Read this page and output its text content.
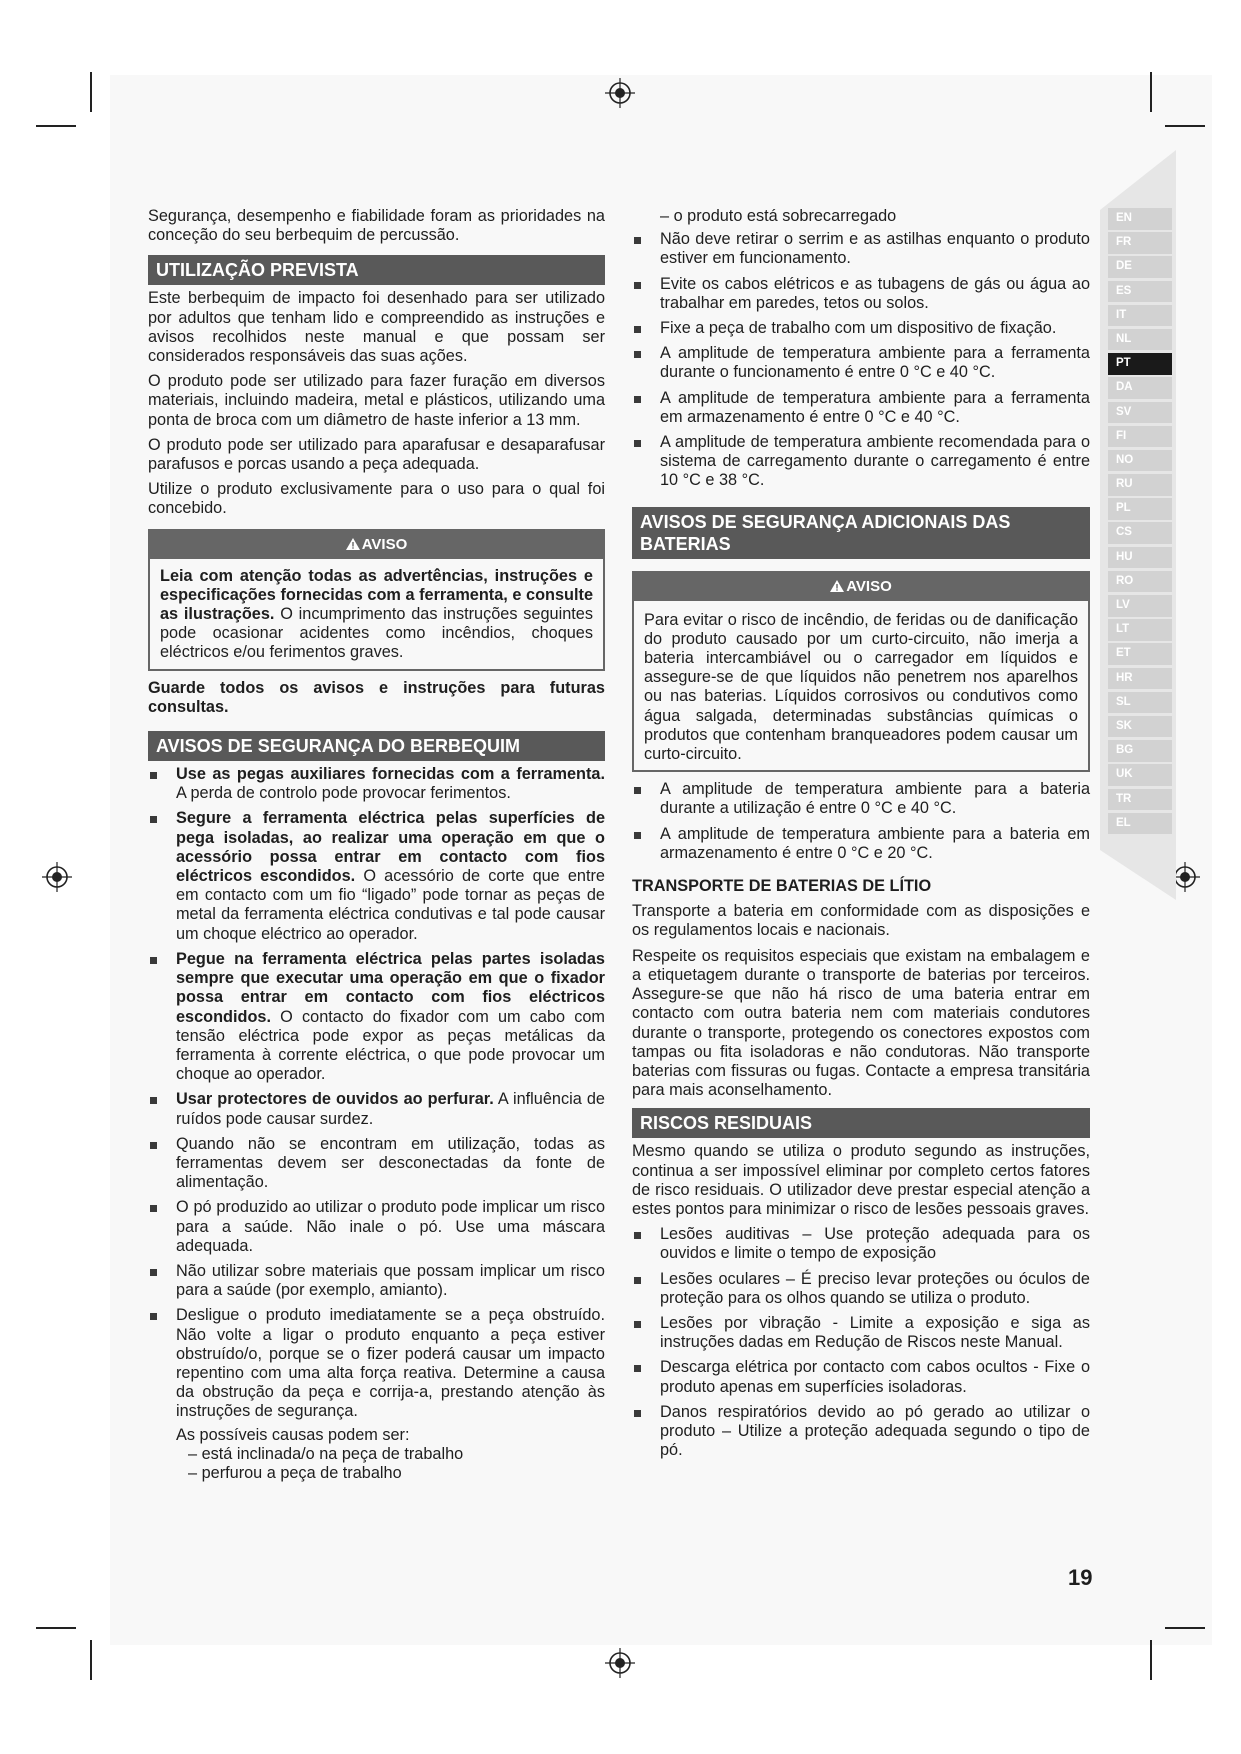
Segurança, desempenho e fiabilidade foram as prioridades na conceção do seu berbequim de percussão.

UTILIZAÇÃO PREVISTA

Este berbequim de impacto foi desenhado para ser utilizado por adultos que tenham lido e compreendido as instruções e avisos recolhidos neste manual e que possam ser considerados responsáveis das suas ações.

O produto pode ser utilizado para fazer furação em diversos materiais, incluindo madeira, metal e plásticos, utilizando uma ponta de broca com um diâmetro de haste inferior a 13 mm.

O produto pode ser utilizado para aparafusar e desaparafusar parafusos e porcas usando a peça adequada.

Utilize o produto exclusivamente para o uso para o qual foi concebido.

AVISO
Leia com atenção todas as advertências, instruções e especificações fornecidas com a ferramenta, e consulte as ilustrações. O incumprimento das instruções seguintes pode ocasionar acidentes como incêndios, choques eléctricos e/ou ferimentos graves.

Guarde todos os avisos e instruções para futuras consultas.

AVISOS DE SEGURANÇA DO BERBEQUIM
Use as pegas auxiliares fornecidas com a ferramenta. A perda de controlo pode provocar ferimentos.
Segure a ferramenta eléctrica pelas superfícies de pega isoladas, ao realizar uma operação em que o acessório possa entrar em contacto com fios eléctricos escondidos. O acessório de corte que entre em contacto com um fio “ligado” pode tornar as peças de metal da ferramenta eléctrica condutivas e tal pode causar um choque eléctrico ao operador.
Pegue na ferramenta eléctrica pelas partes isoladas sempre que executar uma operação em que o fixador possa entrar em contacto com fios eléctricos escondidos. O contacto do fixador com um cabo com tensão eléctrica pode expor as peças metálicas da ferramenta à corrente eléctrica, o que pode provocar um choque ao operador.
Usar protectores de ouvidos ao perfurar. A influência de ruídos pode causar surdez.
Quando não se encontram em utilização, todas as ferramentas devem ser desconectadas da fonte de alimentação.
O pó produzido ao utilizar o produto pode implicar um risco para a saúde. Não inale o pó. Use uma máscara adequada.
Não utilizar sobre materiais que possam implicar um risco para a saúde (por exemplo, amianto).
Desligue o produto imediatamente se a peça obstruído. Não volte a ligar o produto enquanto a peça estiver obstruído/o, porque se o fizer poderá causar um impacto repentino com uma alta força reativa. Determine a causa da obstrução da peça e corrija-a, prestando atenção às instruções de segurança.
As possíveis causas podem ser:
– está inclinada/o na peça de trabalho
– perfurou a peça de trabalho
– o produto está sobrecarregado
Não deve retirar o serrim e as astilhas enquanto o produto estiver em funcionamento.
Evite os cabos elétricos e as tubagens de gás ou água ao trabalhar em paredes, tetos ou solos.
Fixe a peça de trabalho com um dispositivo de fixação.
A amplitude de temperatura ambiente para a ferramenta durante o funcionamento é entre 0 °C e 40 °C.
A amplitude de temperatura ambiente para a ferramenta em armazenamento é entre 0 °C e 40 °C.
A amplitude de temperatura ambiente recomendada para o sistema de carregamento durante o carregamento é entre 10 °C e 38 °C.
AVISOS DE SEGURANÇA ADICIONAIS DAS BATERIAS
AVISO
Para evitar o risco de incêndio, de feridas ou de danificação do produto causado por um curto-circuito, não imerja a bateria intercambiável ou o carregador em líquidos e assegure-se de que líquidos não penetrem nos aparelhos ou nas baterias. Líquidos corrosivos ou condutivos como água salgada, determinadas substâncias químicas o produtos que contenham branqueadores podem causar um curto-circuito.
A amplitude de temperatura ambiente para a bateria durante a utilização é entre 0 °C e 40 °C.
A amplitude de temperatura ambiente para a bateria em armazenamento é entre 0 °C e 20 °C.
TRANSPORTE DE BATERIAS DE LÍTIO

Transporte a bateria em conformidade com as disposições e os regulamentos locais e nacionais.

Respeite os requisitos especiais que existam na embalagem e a etiquetagem durante o transporte de baterias por terceiros. Assegure-se que não há risco de uma bateria entrar em contacto com outra bateria nem com materiais condutores durante o transporte, protegendo os conectores expostos com tampas ou fita isoladoras e não condutoras. Não transporte baterias com fissuras ou fugas. Contacte a empresa transitária para mais aconselhamento.

RISCOS RESIDUAIS

Mesmo quando se utiliza o produto segundo as instruções, continua a ser impossível eliminar por completo certos fatores de risco residuais. O utilizador deve prestar especial atenção a estes pontos para minimizar o risco de lesões pessoais graves.

Lesões auditivas – Use proteção adequada para os ouvidos e limite o tempo de exposição
Lesões oculares – É preciso levar proteções ou óculos de proteção para os olhos quando se utiliza o produto.
Lesões por vibração - Limite a exposição e siga as instruções dadas em Redução de Riscos neste Manual.
Descarga elétrica por contacto com cabos ocultos - Fixe o produto apenas em superfícies isoladoras.
Danos respiratórios devido ao pó gerado ao utilizar o produto – Utilize a proteção adequada segundo o tipo de pó.
EN
FR
DE
ES
IT
NL
PT
DA
SV
FI
NO
RU
PL
CS
HU
RO
LV
LT
ET
HR
SL
SK
BG
UK
TR
EL
19
